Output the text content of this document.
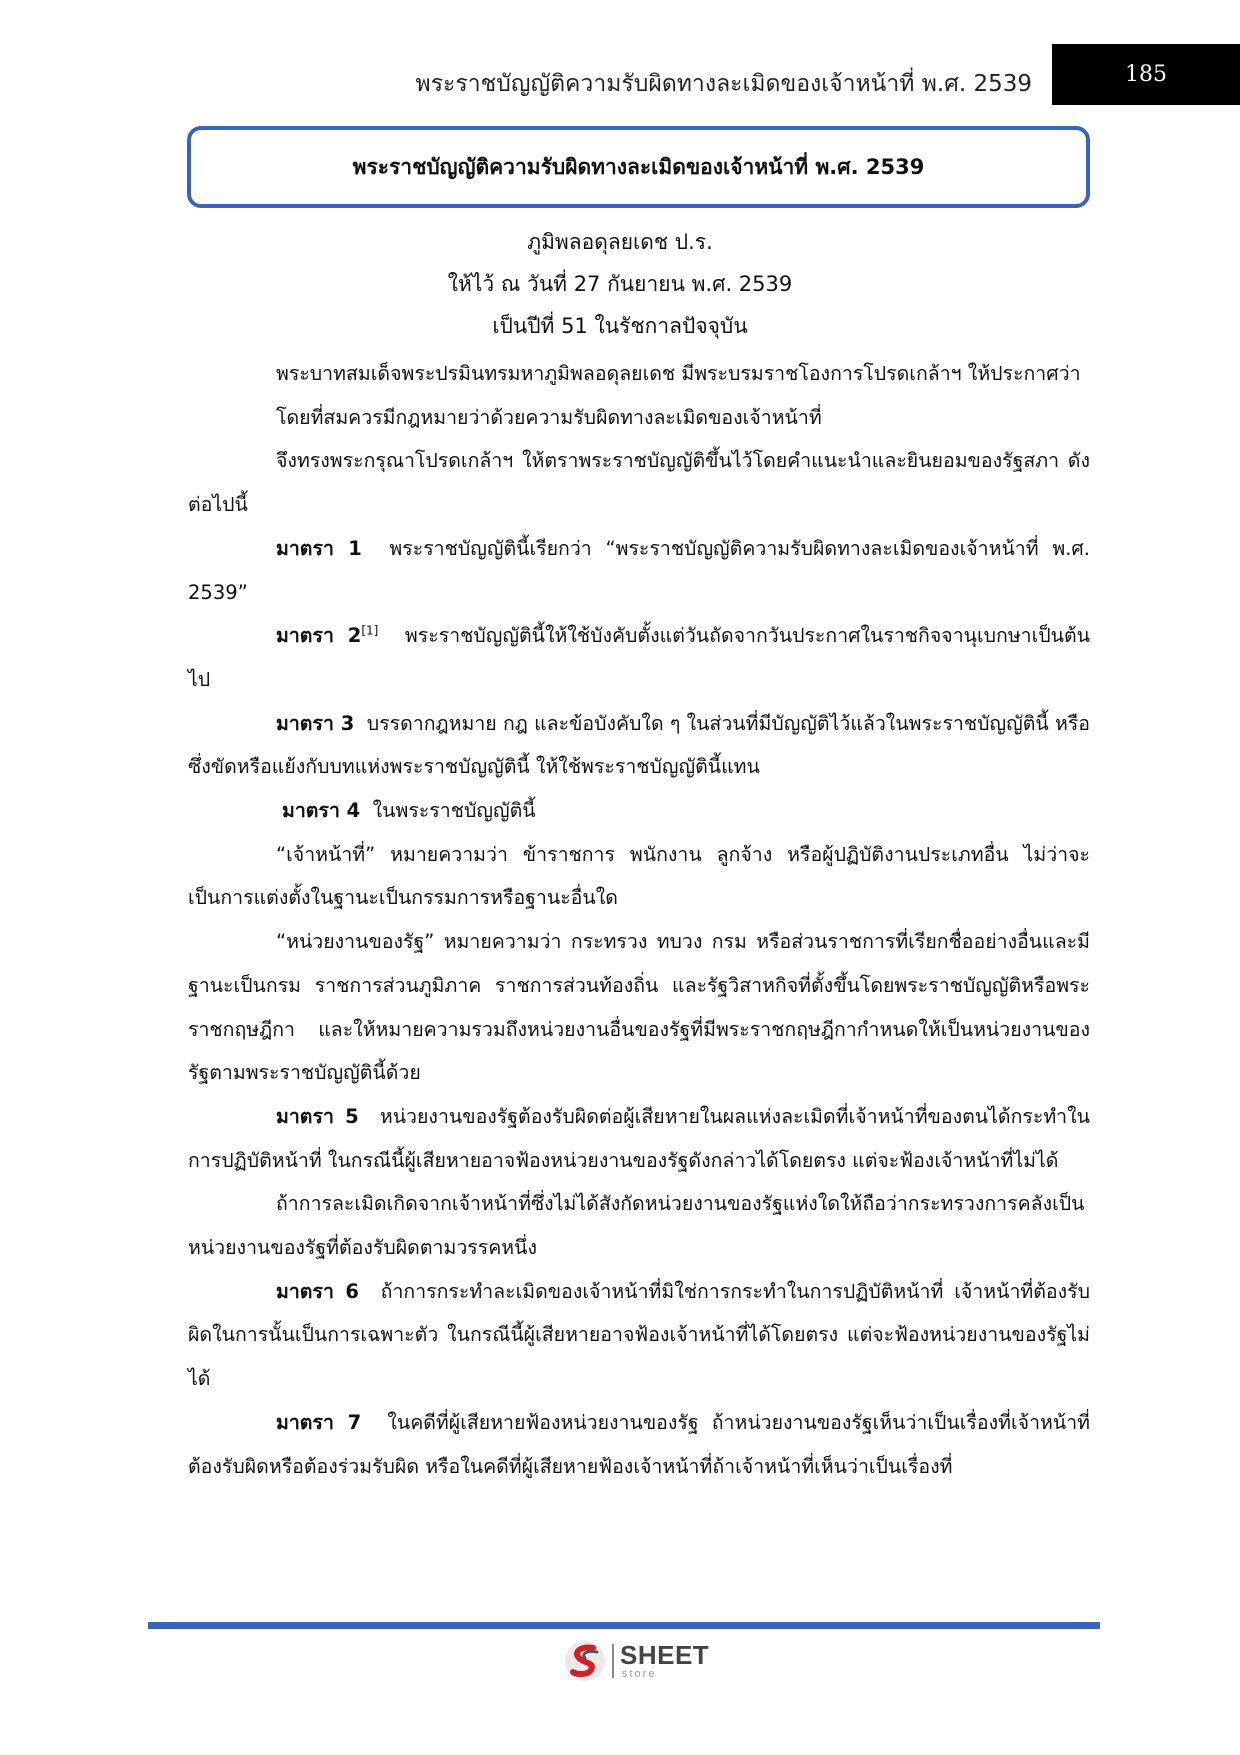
พระราชบัญญัติความรับผิดทางละเมิดของเจ้าหน้าที่ พ.ศ. 2539	185
พระราชบัญญัติความรับผิดทางละเมิดของเจ้าหน้าที่ พ.ศ. 2539
ภูมิพลอดุลยเดช ป.ร.
ให้ไว้ ณ วันที่ 27 กันยายน พ.ศ. 2539
เป็นปีที่ 51 ในรัชกาลปัจจุบัน

พระบาทสมเด็จพระปรมินทรมหาภูมิพลอดุลยเดช มีพระบรมราชโองการโปรดเกล้าฯ ให้ประกาศว่า

โดยที่สมควรมีกฎหมายว่าด้วยความรับผิดทางละเมิดของเจ้าหน้าที่

จึงทรงพระกรุณาโปรดเกล้าฯ ให้ตราพระราชบัญญัติขึ้นไว้โดยคำแนะนำและยินยอมของรัฐสภา ดังต่อไปนี้

มาตรา 1 พระราชบัญญัตินี้เรียกว่า “พระราชบัญญัติความรับผิดทางละเมิดของเจ้าหน้าที่ พ.ศ. 2539”

มาตรา 2[1] พระราชบัญญัตินี้ให้ใช้บังคับตั้งแต่วันถัดจากวันประกาศในราชกิจจานุเบกษาเป็นต้นไป

มาตรา 3 บรรดากฎหมาย กฎ และข้อบังคับใด ๆ ในส่วนที่มีบัญญัติไว้แล้วในพระราชบัญญัตินี้ หรือซึ่งขัดหรือแย้งกับบทแห่งพระราชบัญญัตินี้ ให้ใช้พระราชบัญญัตินี้แทน

มาตรา 4 ในพระราชบัญญัตินี้

“เจ้าหน้าที่” หมายความว่า ข้าราชการ พนักงาน ลูกจ้าง หรือผู้ปฏิบัติงานประเภทอื่น ไม่ว่าจะเป็นการแต่งตั้งในฐานะเป็นกรรมการหรือฐานะอื่นใด

“หน่วยงานของรัฐ” หมายความว่า กระทรวง ทบวง กรม หรือส่วนราชการที่เรียกชื่ออย่างอื่นและมีฐานะเป็นกรม ราชการส่วนภูมิภาค ราชการส่วนท้องถิ่น และรัฐวิสาหกิจที่ตั้งขึ้นโดยพระราชบัญญัติหรือพระราชกฤษฎีกา และให้หมายความรวมถึงหน่วยงานอื่นของรัฐที่มีพระราชกฤษฎีกากำหนดให้เป็นหน่วยงานของรัฐตามพระราชบัญญัตินี้ด้วย

มาตรา 5 หน่วยงานของรัฐต้องรับผิดต่อผู้เสียหายในผลแห่งละเมิดที่เจ้าหน้าที่ของตนได้กระทำในการปฏิบัติหน้าที่ ในกรณีนี้ผู้เสียหายอาจฟ้องหน่วยงานของรัฐดังกล่าวได้โดยตรง แต่จะฟ้องเจ้าหน้าที่ไม่ได้

ถ้าการละเมิดเกิดจากเจ้าหน้าที่ซึ่งไม่ได้สังกัดหน่วยงานของรัฐแห่งใดให้ถือว่ากระทรวงการคลังเป็นหน่วยงานของรัฐที่ต้องรับผิดตามวรรคหนึ่ง

มาตรา 6 ถ้าการกระทำละเมิดของเจ้าหน้าที่มิใช่การกระทำในการปฏิบัติหน้าที่ เจ้าหน้าที่ต้องรับผิดในการนั้นเป็นการเฉพาะตัว ในกรณีนี้ผู้เสียหายอาจฟ้องเจ้าหน้าที่ได้โดยตรง แต่จะฟ้องหน่วยงานของรัฐไม่ได้

มาตรา 7 ในคดีที่ผู้เสียหายฟ้องหน่วยงานของรัฐ ถ้าหน่วยงานของรัฐเห็นว่าเป็นเรื่องที่เจ้าหน้าที่ต้องรับผิดหรือต้องร่วมรับผิด หรือในคดีที่ผู้เสียหายฟ้องเจ้าหน้าที่ถ้าเจ้าหน้าที่เห็นว่าเป็นเรื่องที่

SHEET
store
